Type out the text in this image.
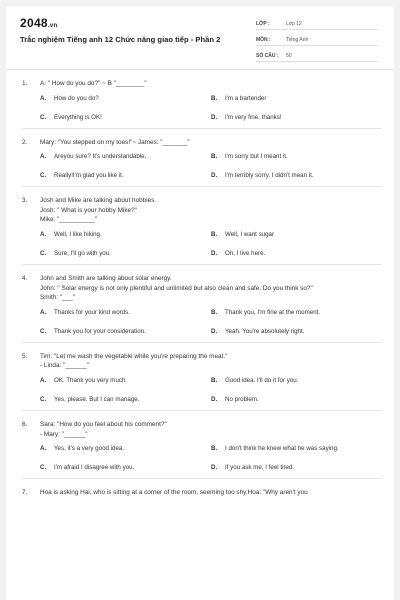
2048.vn
Trắc nghiệm Tiếng anh 12 Chức năng giao tiếp - Phần 2
LỚP :	Lớp 12
MÔN :	Tiếng Anh
SỐ CÂU :	50
1.	A: " How do you do?" ~ B "________"
A.	How do you do?	B.	I'm a bartender
C.	Everything is OK!	D.	I'm very fine, thanks!
2.	Mary: "You stepped on my toes!"~ James: "_______"
A.	Areyou sure? It's understandable.	B.	I'm sorry but I meant it.
C.	Really!I'm glad you like it.	D.	I'm terribly sorry. I didn't mean it.
3.	Josh and Mike are talking about hobbies.
Josh: " What is your hobby Mike?"
Mike: "__________"
A.	Well, I like hiking.	B.	Well, I want sugar
C.	Sure, I'll go with you.	D.	Oh, I live here.
4.	John and Smith are talking about solar energy.
John: " Solar energy is not only plentiful and unlimited but also clean and safe. Do you think so?"
Smith: "___"
A.	Thanks for your kind words.	B.	Thank you, I'm fine at the moment.
C.	Thank you for your consideration.	D.	Yeah. You're absolutely right.
5.	Tim: "Let me wash the vegetable while you're preparing the meat."
- Linda: "______"
A.	OK. Thank you very much.	B.	Good idea. I'll do it for you.
C.	Yes, please. But I can manage.	D.	No problem.
6.	Sara: "How do you feel about his comment?"
- Mary: "______"
A.	Yes, it's a very good idea.	B.	I don't think he knew what he was saying.
C.	I'm afraid I disagree with you.	D.	If you ask me, I feel tired.
7.	Hoa is asking Hai, who is sitting at a corner of the room, seeming too shy.Hoa: "Why aren't you
